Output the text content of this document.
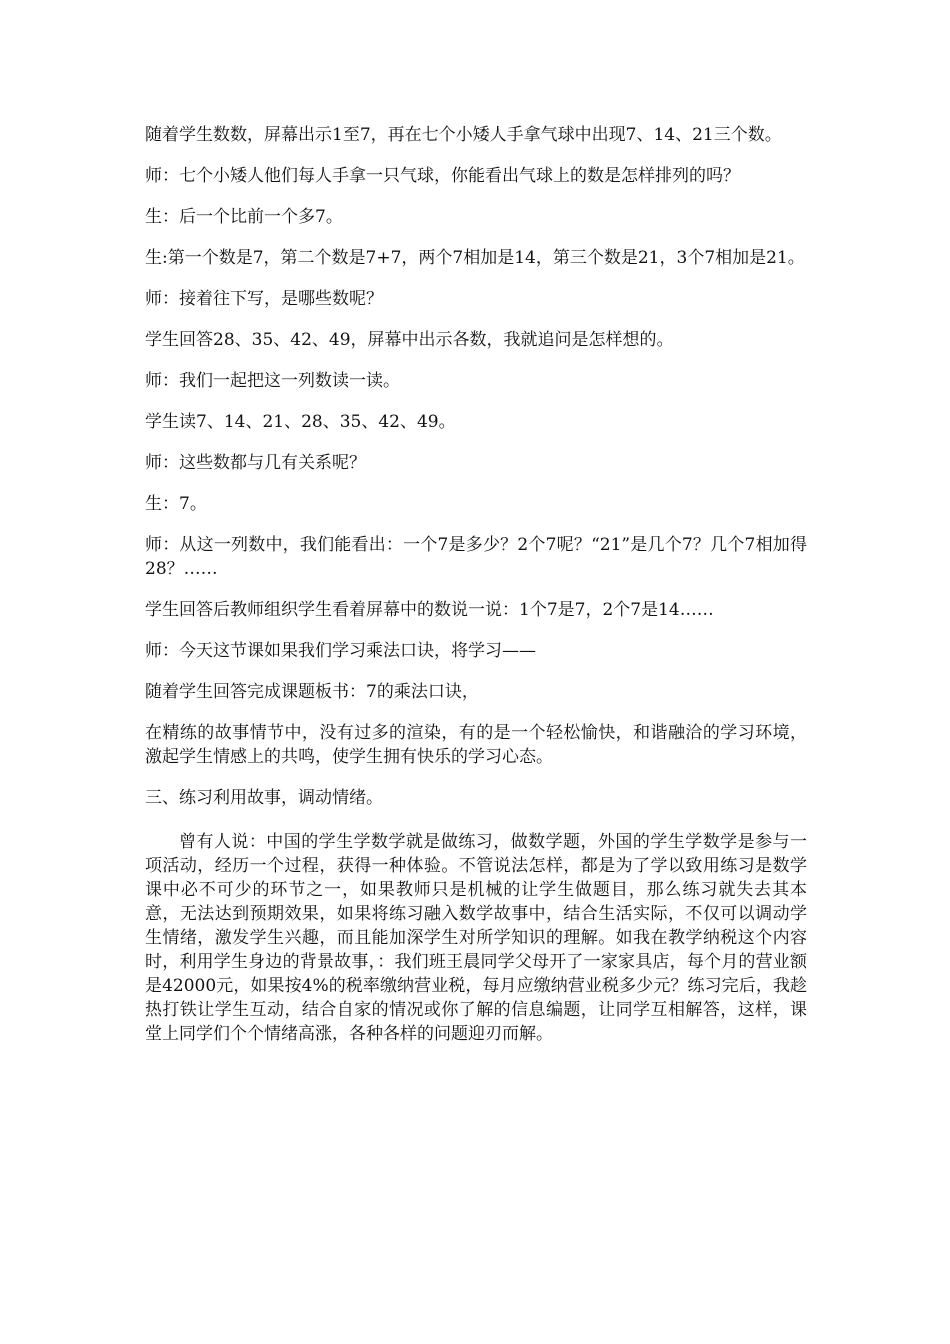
随着学生数数，屏幕出示1至7，再在七个小矮人手拿气球中出现7、14、21三个数。

师：七个小矮人他们每人手拿一只气球，你能看出气球上的数是怎样排列的吗？

生：后一个比前一个多7。

生:第一个数是7，第二个数是7+7，两个7相加是14，第三个数是21，3个7相加是21。

师：接着往下写，是哪些数呢？

学生回答28、35、42、49，屏幕中出示各数，我就追问是怎样想的。

师：我们一起把这一列数读一读。

学生读7、14、21、28、35、42、49。

师：这些数都与几有关系呢？

生：7。

师：从这一列数中，我们能看出：一个7是多少？2个7呢？“21”是几个7？几个7相加得28？……

学生回答后教师组织学生看着屏幕中的数说一说：1个7是7，2个7是14……

师：今天这节课如果我们学习乘法口诀，将学习——

随着学生回答完成课题板书：7的乘法口诀，

在精练的故事情节中，没有过多的渲染，有的是一个轻松愉快，和谐融洽的学习环境，激起学生情感上的共鸣，使学生拥有快乐的学习心态。

三、练习利用故事，调动情绪。

曾有人说：中国的学生学数学就是做练习，做数学题，外国的学生学数学是参与一项活动，经历一个过程，获得一种体验。不管说法怎样，都是为了学以致用练习是数学课中必不可少的环节之一，如果教师只是机械的让学生做题目，那么练习就失去其本意，无法达到预期效果，如果将练习融入数学故事中，结合生活实际，不仅可以调动学生情绪，激发学生兴趣，而且能加深学生对所学知识的理解。如我在教学纳税这个内容时，利用学生身边的背景故事，：我们班王晨同学父母开了一家家具店，每个月的营业额是42000元，如果按4%的税率缴纳营业税，每月应缴纳营业税多少元？练习完后，我趁热打铁让学生互动，结合自家的情况或你了解的信息编题，让同学互相解答，这样，课堂上同学们个个情绪高涨，各种各样的问题迎刃而解。
